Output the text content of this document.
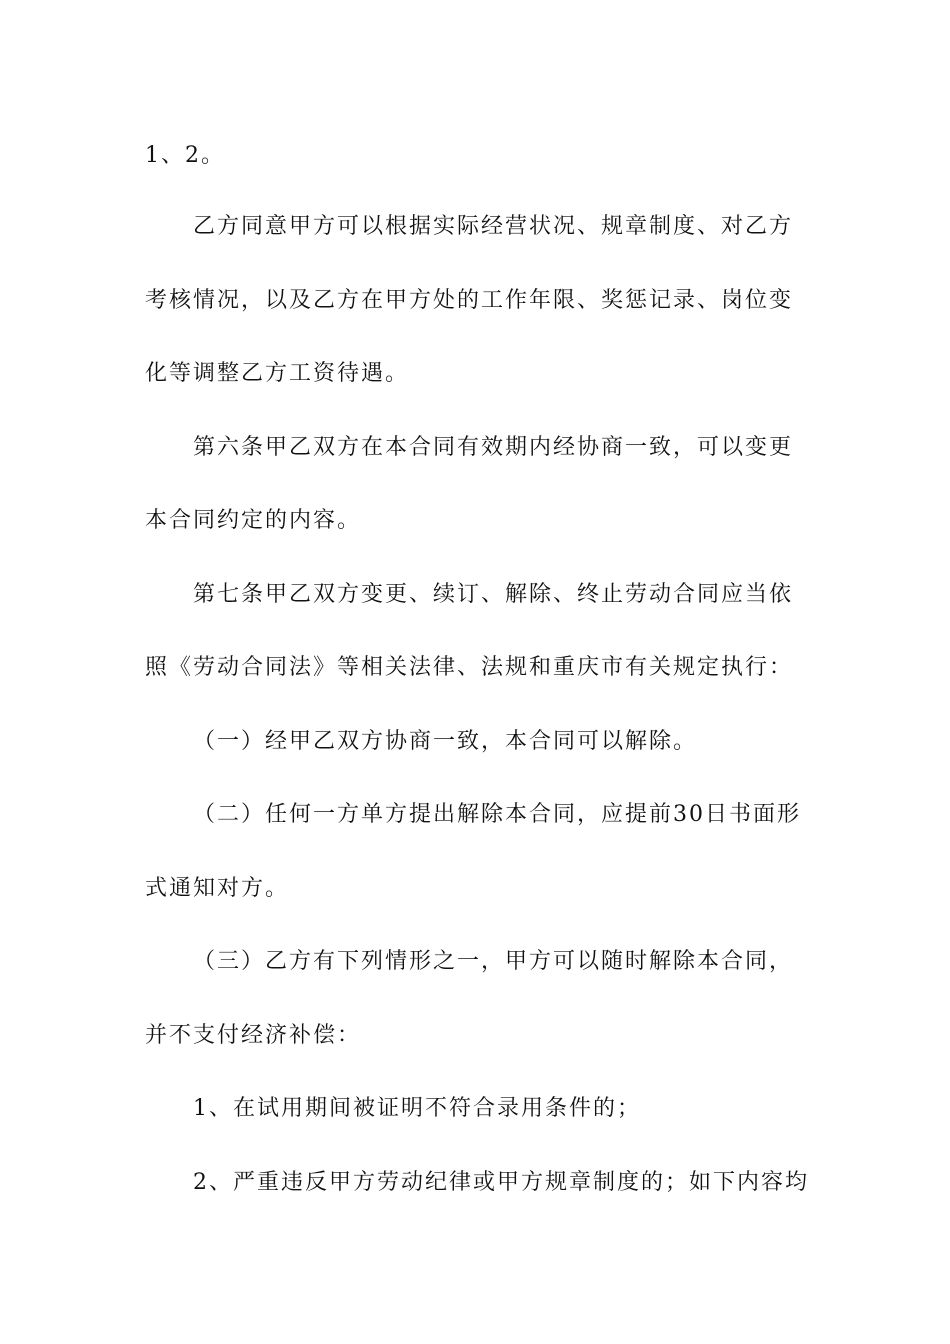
1、2。
乙方同意甲方可以根据实际经营状况、规章制度、对乙方
考核情况，以及乙方在甲方处的工作年限、奖惩记录、岗位变
化等调整乙方工资待遇。
第六条甲乙双方在本合同有效期内经协商一致，可以变更
本合同约定的内容。
第七条甲乙双方变更、续订、解除、终止劳动合同应当依
照《劳动合同法》等相关法律、法规和重庆市有关规定执行：
（一）经甲乙双方协商一致，本合同可以解除。
（二）任何一方单方提出解除本合同，应提前30日书面形
式通知对方。
（三）乙方有下列情形之一，甲方可以随时解除本合同，
并不支付经济补偿：
1、在试用期间被证明不符合录用条件的；
2、严重违反甲方劳动纪律或甲方规章制度的；如下内容均
